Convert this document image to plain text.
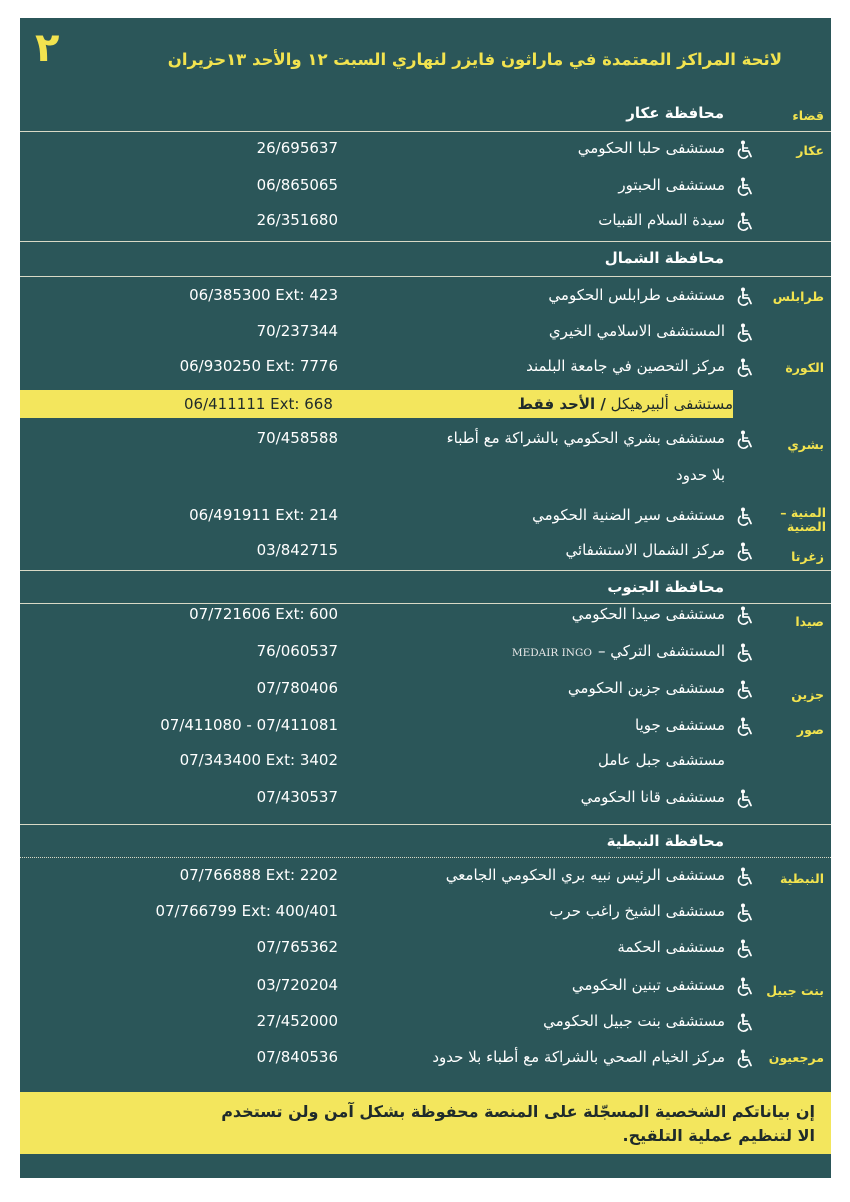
٢	لائحة المراكز المعتمدة في ماراثون فايزر لنهاري السبت ١٢ والأحد ١٣حزيران
محافظة عكار	قضاء
عكار
مستشفى حلبا الحكومي
26/695637
مستشفى الحبتور
06/865065
سيدة السلام القبيات
26/351680
مستشفى طرابلس الحكومي
06/385300 Ext: 423
المستشفى الاسلامي الخيري
70/237344
مركز التحصين في جامعة البلمند
06/930250 Ext: 7776
مستشفى بشري الحكومي بالشراكة مع أطباء
70/458588
بلا حدود
مستشفى سير الضنية الحكومي
06/491911 Ext: 214
مركز الشمال الاستشفائي
03/842715
مستشفى صيدا الحكومي
07/721606 Ext: 600
المستشفى التركي –MEDAIR INGO
76/060537
مستشفى جزين الحكومي
07/780406
مستشفى جويا
07/411080 - 07/411081
مستشفى جبل عامل
07/343400 Ext: 3402
مستشفى قانا الحكومي
07/430537
مستشفى الرئيس نبيه بري الحكومي الجامعي
07/766888 Ext: 2202
مستشفى الشيخ راغب حرب
07/766799 Ext: 400/401
مستشفى الحكمة
07/765362
مستشفى تبنين الحكومي
03/720204
مستشفى بنت جبيل الحكومي
27/452000
مركز الخيام الصحي بالشراكة مع أطباء بلا حدود
07/840536
محافظة الشمال
طرابلس
الكورة
مستشفى ألبيرهيكل / الأحد فقط
06/411111 Ext: 668
بشري
المنية – الضنية
زغرتا
محافظة الجنوب
صيدا
جزين
صور
محافظة النبطية
النبطية
بنت جبيل
مرجعيون
إن بياناتكم الشخصية المسجّلة على المنصة محفوظة بشكل آمن ولن تستخدم
الا لتنظيم عملية التلقيح.
